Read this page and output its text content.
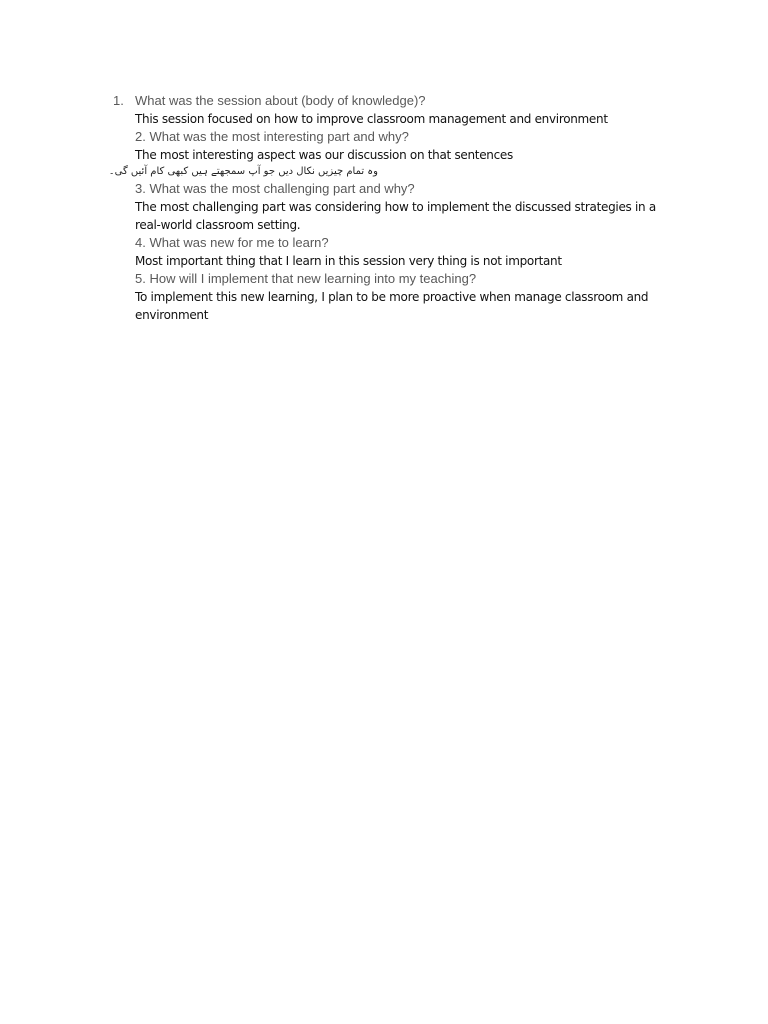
1. What was the session about (body of knowledge)?

This session focused on how to improve classroom management and environment

2. What was the most interesting part and why?

The most interesting aspect was our discussion on that sentences

وہ تمام چیزیں نکال دیں جو آپ سمجھتے ہیں کبھی کام آئیں گی۔

3. What was the most challenging part and why?

The most challenging part was considering how to implement the discussed strategies in a real-world classroom setting.

4. What was new for me to learn?

Most important thing that I learn in this session very thing is not important

5. How will I implement that new learning into my teaching?

To implement this new learning, I plan to be more proactive when manage classroom and environment
